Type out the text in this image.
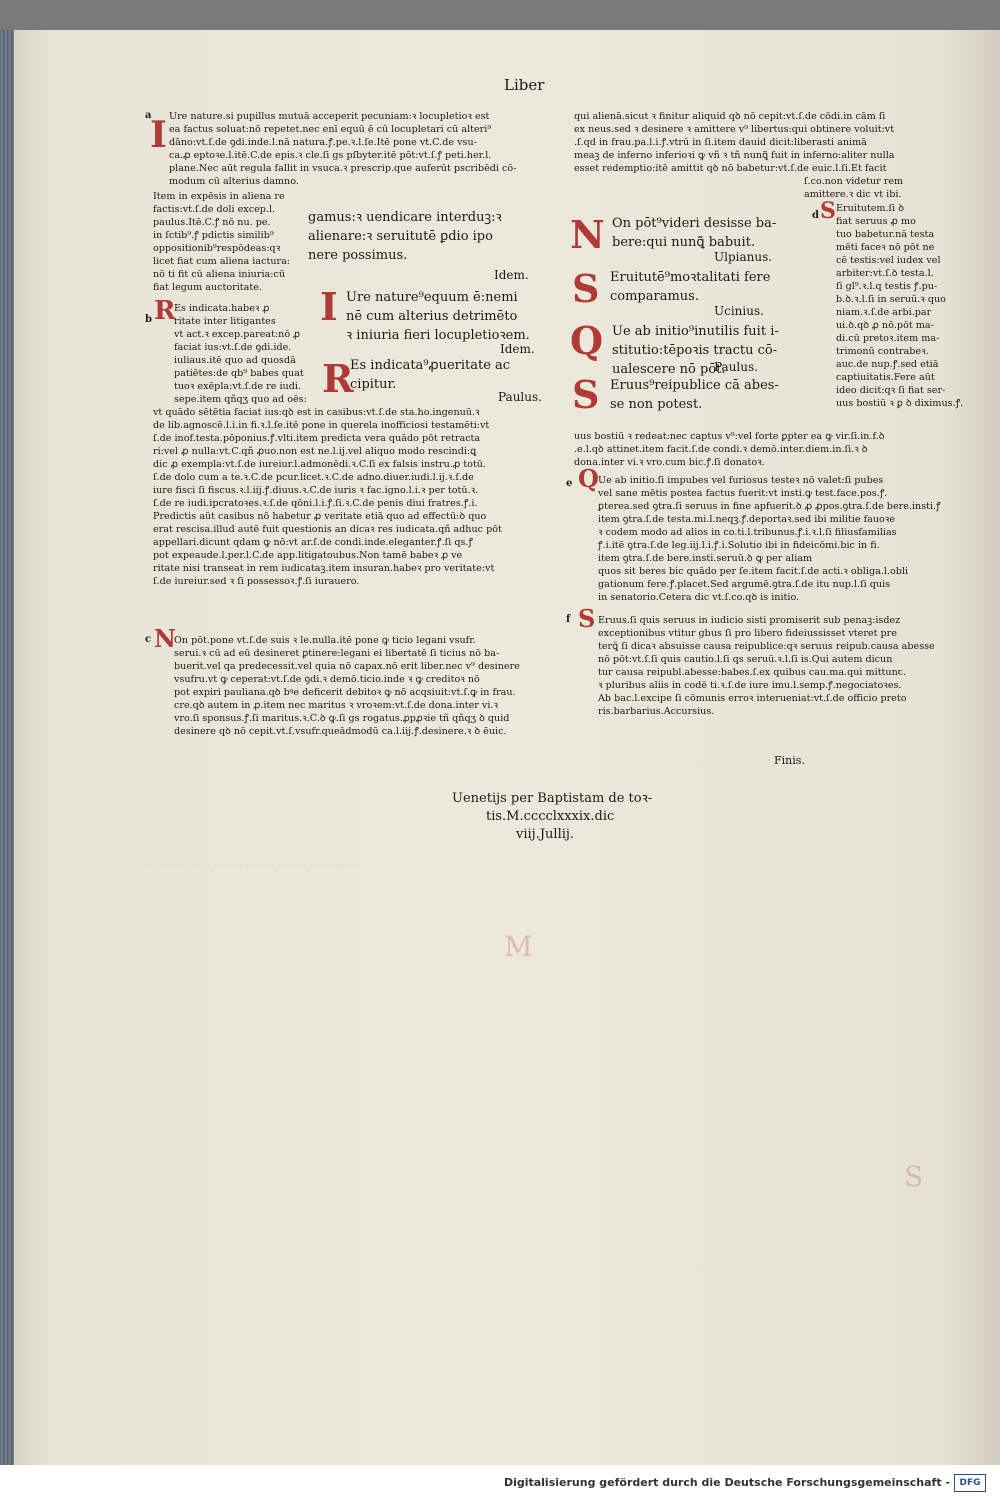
· · · · · · · · · · · · · · · · · · · · · · · · · · · · · · · · · ·

M
S
Liber
a
I Ure nature.si pupillus mutuā acceperit pecuniam:ꝛ locupletioꝛ est

ea factus soluat:nō repetet.nec enī equū ē cū locupletari cū alteri⁹

dāno:vt.ſ.de ꝯdi.inde.l.nā natura.ꝭ.pe.ꝛ.l.ſe.Itē pone vt.C.de vsu-

ca.ꝓ eptoꝛe.l.itē.C.de epis.ꝛ cle.ſi gs pſbyter.itē pōt:vt.ſ.ꝭ peti.her.l.

plane.Nec aūt regula fallit in vsuca.ꝛ prescrip.que auferūt pscribēdi cō-

modum cū alterius damno.

Item in expēsis in aliena re

factis:vt.ſ.de doli excep.l.

paulus.Itē.C.ꝭ nō nu. pe.

in ſctib⁹.ꝭ pdictis similib⁹

oppositionib⁹respōdeas:qꝛ

licet fiat cum aliena iactura:

nō ti fit cū aliena iniuria:cū

fiat legum auctoritate.

b R

Es indicata.habeꝛ ꝓ

ritate inter litigantes

vt act.ꝛ excep.pareat:nō ꝓ

faciat ius:vt.ſ.de ꝯdi.ide.

iuliaus.itē quo ad quosdā

patiētes:de qb⁹ babes quat

tuoꝛ exēpla:vt.ſ.de re iudi.

sepe.item qñqʒ quo ad oēs:

vt quādo sētētia faciat ius:qꝺ est in casibus:vt.ſ.de sta.ho.ingenuū.ꝛ

de lib.agnoscē.l.i.in fi.ꝛ.l.ſe.itē pone in querela inofficiosi testamēti:vt

ſ.de inof.testa.pōponius.ꝭ.vlti.item predicta vera quādo pōt retracta

ri:vel ꝓ nulla:vt.C.qñ ꝓuo.non est ne.l.ij.vel aliquo modo rescindi:ꝗ

dic ꝓ exempla:vt.ſ.de iureiur.l.admonēdi.ꝛ.C.ſi ex falsis instru.ꝓ totū.

ſ.de dolo cum a te.ꝛ.C.de pcur.licet.ꝛ.C.de adno.diuer.iudi.l.ij.ꝛ.ſ.de

iure fisci ſi fiscus.ꝛ.l.iij.ꝭ.diuus.ꝛ.C.de iuris ꝛ fac.igno.l.i.ꝛ per totū.ꝛ.

ſ.de re iudi.ipcratoꝛes.ꝛ.ſ.de qōni.l.i.ꝭ.ſi.ꝛ.C.de penis diui fratres.ꝭ.i.

Predictis aūt casibus nō habetur ꝓ veritate etiā quo ad effectū:ꝺ quo

erat rescisa.illud autē fuit questionis an dicaꝛ res iudicata.qñ adhuc pōt

appellari.dicunt qdam ꝙ nō:vt ar.ſ.de condi.inde.eleganter.ꝭ.ſi qs.ꝭ

pot expeaude.l.per.l.C.de app.litigatoubus.Non tamē babeꝛ ꝓ ve

ritate nisi transeat in rem iudicataꝫ.item insuran.habeꝛ pro veritate:vt

ſ.de iureiur.sed ꝛ ſi possessoꝛ.ꝭ.ſi iurauero.

c N

On pōt.pone vt.ſ.de suis ꝛ le.nulla.itē pone ꝙ ticio legani vsufr.

serui.ꝛ cū ad eū desineret ꝑtinere:legani ei libertatē ſi ticius nō ba-

buerit.vel qa predecessit.vel quia nō capax.nō erit liber.nec v⁹ desinere

vsufru.vt ꝙ ceperat:vt.ſ.de ꝯdi.ꝛ demō.ticio.inde ꝛ ꝙ creditoꝛ nō

pot expiri pauliana.qꝺ bꝰe deficerit debitoꝛ ꝙ nō acqsiuit:vt.ſ.ꝙ in frau.

cre.qꝺ autem in ꝓ.item nec maritus ꝛ vroꝛem:vt.ſ.de dona.inter vi.ꝛ

vro.ſi sponsus.ꝭ.ſi maritus.ꝛ.C.ꝺ ꝙ.ſi gs rogatus.ꝓpꝓꝛie tñ qñqʒ ꝺ quid

desinere qꝺ nō cepit.vt.ſ.vsufr.queādmodū ca.l.iij.ꝭ.desinere.ꝛ ꝺ ēuic.

gamus:ꝛ uendicare interduꝫ:ꝛ

alienare:ꝛ seruitutē ꝑdio ipo

nere possimus.

Idem.
I Ure nature⁹equum ē:nemi

nē cum alterius detrimēto

ꝛ iniuria fieri locupletioꝛem.

Idem.
R

Es indicata⁹ꝓueritate ac

cipitur.

Paulus.
N On pōt⁹videri desisse ba-

bere:qui nunꝗ̃ babuit.

Ulpianus.
S Eruitutē⁹moꝛtalitati fere

comparamus.

Ucinius.
Q Ue ab initio⁹inutilis fuit i-

stitutio:tēpoꝛis tractu cō-

ualescere nō pōt.

Paulus.
S Eruus⁹reipublice cā abes-

se non potest.

qui alienā.sicut ꝛ finitur aliquid qꝺ nō cepit:vt.ſ.de cōdi.in cām ſi

ex neus.sed ꝛ desinere ꝛ amittere v⁹ libertus:qui obtinere voluit:vt

.ſ.qd in frau.pa.l.i.ꝭ.vtrū in ſi.item dauid dicit:liberasti animā

meaꝫ de inferno inferioꝛi ꝙ vñ ꝛ tñ nunꝗ̃ fuit in inferno:aliter nulla

esset redemptio:itē amittit qꝺ nō babetur:vt.ſ.de euic.l.ſi.Et facit

ſ.co.non videtur rem

amittere.ꝛ dic vt ibi.

d S Eruitutem.ſi ꝺ

fiat seruus ꝓ mo

tuo babetur.nā testa

mēti faceꝛ nō pōt ne

cē testis:vel iudex vel

arbiter:vt.ſ.ꝺ testa.l.

ſi gl⁹.ꝛ.l.q testis ꝭ.pu-

b.ꝺ.ꝛ.l.ſi in seruū.ꝛ quo

niam.ꝛ.ſ.de arbi.par

ui.ꝺ.qꝺ ꝓ nō.pōt ma-

di.cū pretoꝛ.item ma-

trimonū contrabeꝛ.

auc.de nup.ꝭ.sed etiā

captiuitatis.Fere aūt

ideo dicit:qꝛ ſi fiat ser-

uus bostiū ꝛ ꝑ ꝺ diximus.ꝭ.

uus bostiū ꝛ redeat:nec captus v⁹:vel forte ꝑpter ea ꝙ vir.ſi.in.f.ꝺ

.e.l.qꝺ attinet.item facit.ſ.de condi.ꝛ demō.inter.diem.in.ſi.ꝛ ꝺ

dona.inter vi.ꝛ vro.cum bic.ꝭ.ſi donatoꝛ.

e Q Ue ab initio.ſi impubes vel furiosus testeꝛ nō valet:ſi pubes

vel sane mētis postea factus fuerit:vt insti.ꝙ test.face.pos.ꝭ.

ꝑterea.sed ꝯtra.ſi seruus in fine apfuerit.ꝺ ꝓ ꝓpos.ꝯtra.ſ.de bere.insti.ꝭ

item ꝯtra.ſ.de testa.mi.l.neqꝫ.ꝭ.deportaꝛ.sed ibi militie fauoꝛe

ꝛ codem modo ad alios in co.ti.l.tribunus.ꝭ.i.ꝛ.l.ſi filiusfamilias

ꝭ.i.itē ꝯtra.ſ.de leg.iij.l.i.ꝭ.i.Solutio ibi in fideicōmi.bic in fi.

item ꝯtra.ſ.de bere.insti.seruū.ꝺ ꝙ per aliam

quos sit beres bic quādo per ſe.item facit.ſ.de acti.ꝛ obliga.l.obli

gationum fere.ꝭ.placet.Sed argumē.ꝯtra.ſ.de itu nup.l.ſi quis

in senatorio.Cetera dic vt.ſ.co.qꝺ is initio.

f S Eruus.ſi quis seruus in iudicio sisti promiserit sub penaꝫ:isdez

exceptionibus vtitur gbus ſi pro libero fideiussisset vteret pre

terꝗ̃ ſi dicaꝛ absuisse causa reipublice:qꝛ seruus reipub.causa abesse

nō pōt:vt.ſ.ſi quis cautio.l.ſi qs seruū.ꝛ.l.ſi is.Qui autem dicun

tur causa reipubl.abesse:babes.ſ.ex quibus cau.ma.qui mittunꞇ.

ꝛ pluribus aliis in codē ti.ꝛ.ſ.de iure imu.l.semp.ꝭ.negociatoꝛes.

Ab bac.l.excipe ſi cōmunis erroꝛ interueniat:vt.ſ.de officio preto

ris.barbarius.Accursius.

Finis.

Uenetijs per Baptistam de toꝛ-

tis.M.cccclxxxix.dic

viij.Jullij.

Digitalisierung gefördert durch die Deutsche Forschungsgemeinschaft -	DFG
